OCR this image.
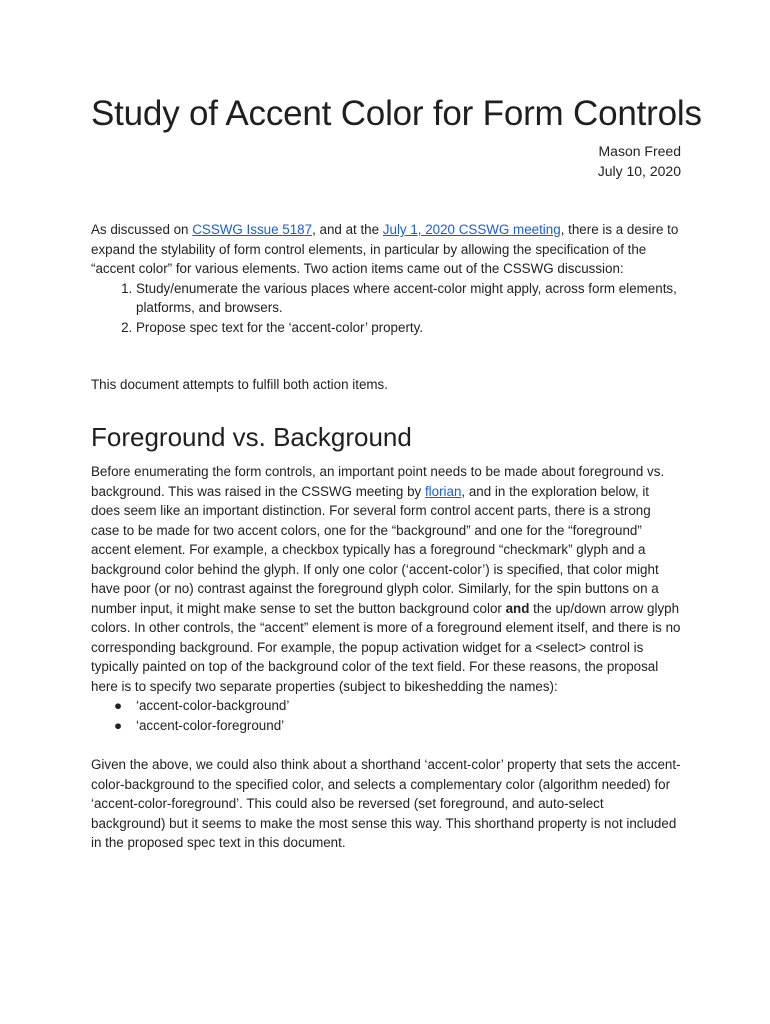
Study of Accent Color for Form Controls
Mason Freed
July 10, 2020

As discussed on CSSWG Issue 5187, and at the July 1, 2020 CSSWG meeting, there is a desire to expand the stylability of form control elements, in particular by allowing the specification of the “accent color” for various elements. Two action items came out of the CSSWG discussion:

1. Study/enumerate the various places where accent-color might apply, across form elements, platforms, and browsers.
2. Propose spec text for the ‘accent-color’ property.

This document attempts to fulfill both action items.

Foreground vs. Background

Before enumerating the form controls, an important point needs to be made about foreground vs. background. This was raised in the CSSWG meeting by florian, and in the exploration below, it does seem like an important distinction. For several form control accent parts, there is a strong case to be made for two accent colors, one for the “background” and one for the “foreground” accent element. For example, a checkbox typically has a foreground “checkmark” glyph and a background color behind the glyph. If only one color (‘accent-color’) is specified, that color might have poor (or no) contrast against the foreground glyph color. Similarly, for the spin buttons on a number input, it might make sense to set the button background color and the up/down arrow glyph colors. In other controls, the “accent” element is more of a foreground element itself, and there is no corresponding background. For example, the popup activation widget for a <select> control is typically painted on top of the background color of the text field. For these reasons, the proposal here is to specify two separate properties (subject to bikeshedding the names):

● ‘accent-color-background’
● ‘accent-color-foreground’

Given the above, we could also think about a shorthand ‘accent-color’ property that sets the accent-color-background to the specified color, and selects a complementary color (algorithm needed) for ‘accent-color-foreground’. This could also be reversed (set foreground, and auto-select background) but it seems to make the most sense this way. This shorthand property is not included in the proposed spec text in this document.
